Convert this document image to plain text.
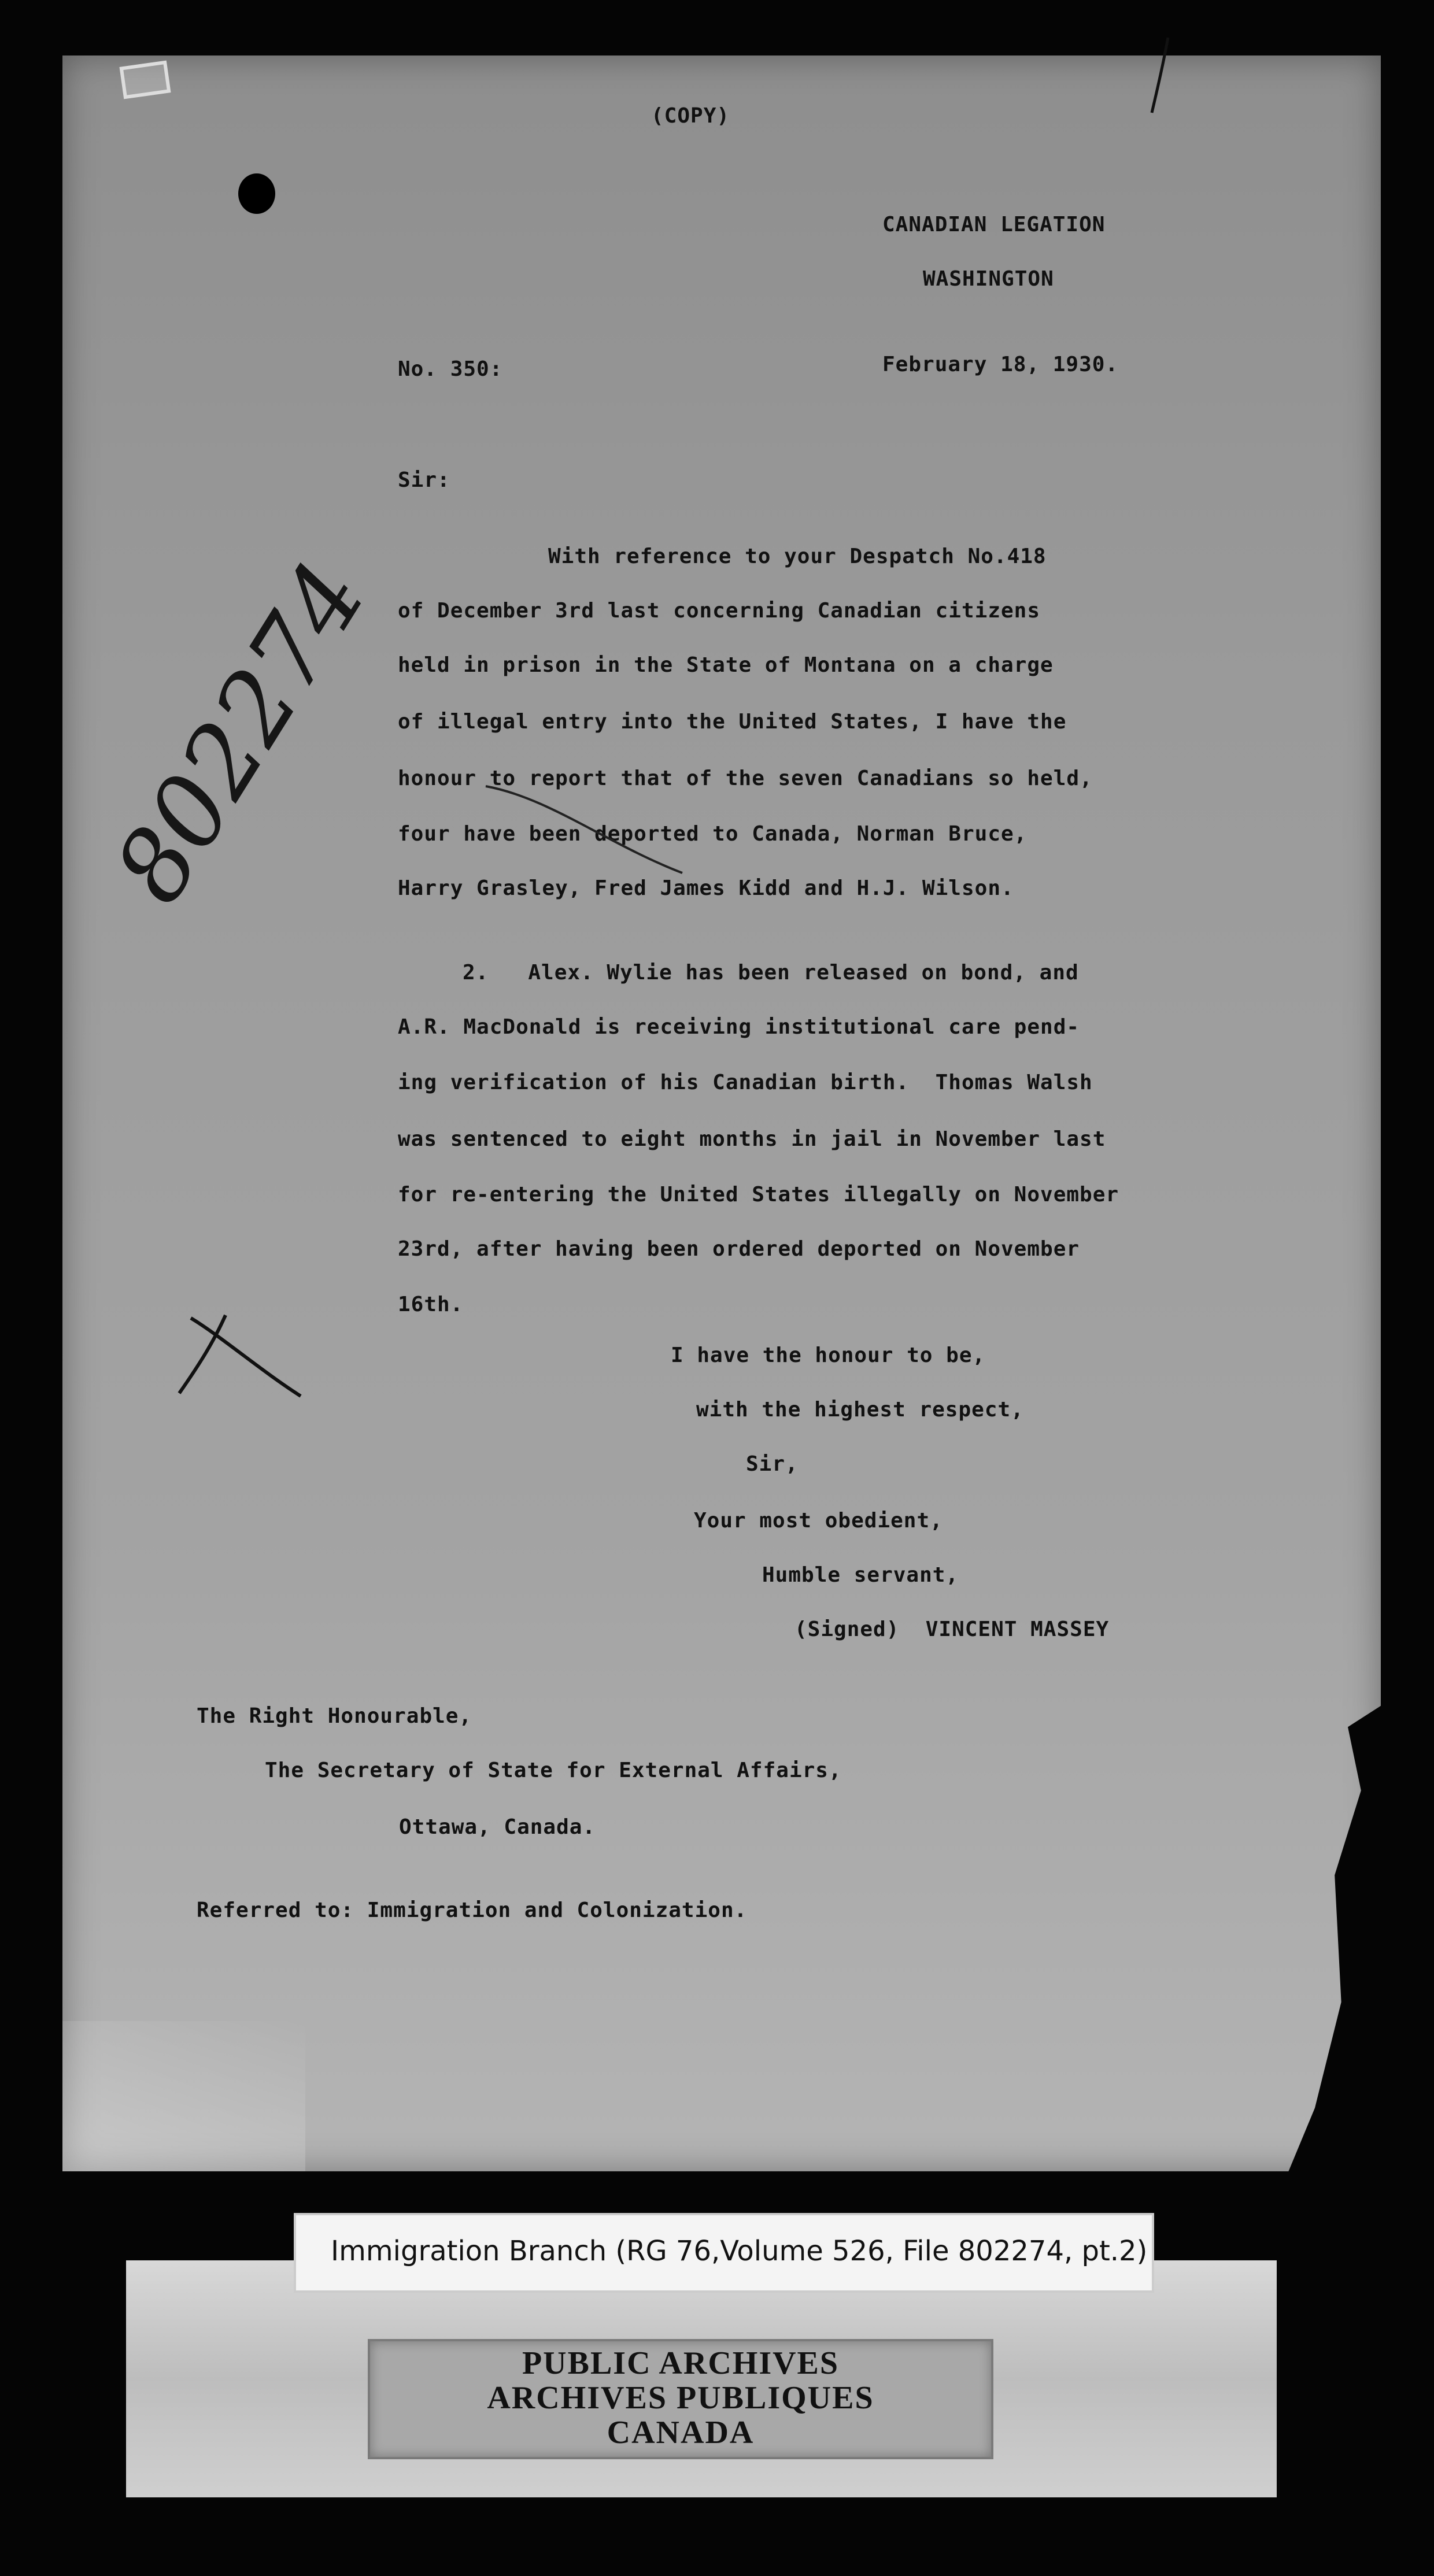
(COPY)
CANADIAN LEGATION
WASHINGTON
No. 350:	February 18, 1930.
Sir:
With reference to your Despatch No.418
of December 3rd last concerning Canadian citizens
held in prison in the State of Montana on a charge
of illegal entry into the United States, I have the
honour to report that of the seven Canadians so held,
four have been deported to Canada, Norman Bruce,
Harry Grasley, Fred James Kidd and H.J. Wilson.
2.   Alex. Wylie has been released on bond, and
A.R. MacDonald is receiving institutional care pend-
ing verification of his Canadian birth.  Thomas Walsh
was sentenced to eight months in jail in November last
for re-entering the United States illegally on November
23rd, after having been ordered deported on November
16th.
I have the honour to be,
with the highest respect,
Sir,
Your most obedient,
Humble servant,
(Signed)  VINCENT MASSEY
The Right Honourable,
The Secretary of State for External Affairs,
Ottawa, Canada.
Referred to: Immigration and Colonization.
802274
Immigration Branch (RG 76,Volume 526, File 802274, pt.2)
PUBLIC ARCHIVES
ARCHIVES PUBLIQUES
CANADA
